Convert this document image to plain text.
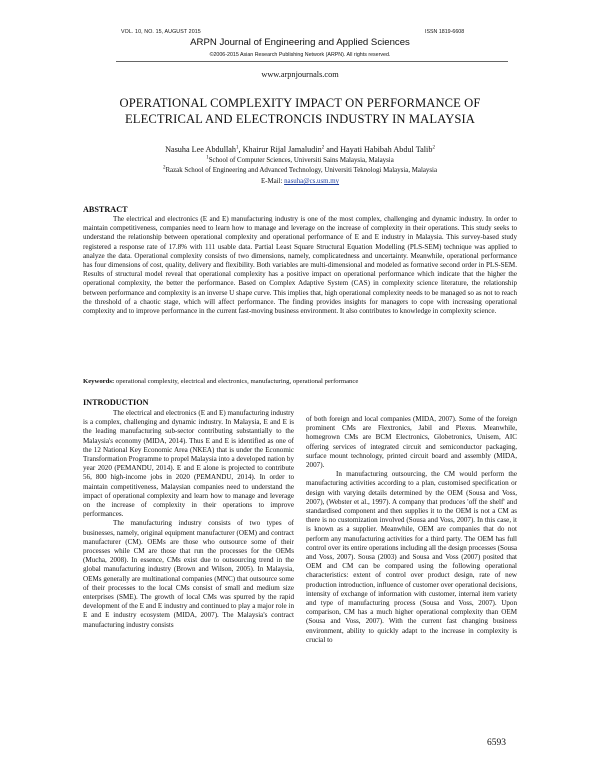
VOL. 10, NO. 15, AUGUST 2015	ISSN 1819-6608
ARPN Journal of Engineering and Applied Sciences
©2006-2015 Asian Research Publishing Network (ARPN). All rights reserved.
www.arpnjournals.com
OPERATIONAL COMPLEXITY IMPACT ON PERFORMANCE OF ELECTRICAL AND ELECTRONCIS INDUSTRY IN MALAYSIA
Nasuha Lee Abdullah$^1$, Khairur Rijal Jamaludin$^2$ and Hayati Habibah Abdul Talib$^2$
$^1$School of Computer Sciences, Universiti Sains Malaysia, Malaysia
$^2$Razak School of Engineering and Advanced Technology, Universiti Teknologi Malaysia, Malaysia
E-Mail: nasuha@cs.usm.my
ABSTRACT
The electrical and electronics (E and E) manufacturing industry is one of the most complex, challenging and dynamic industry. In order to maintain competitiveness, companies need to learn how to manage and leverage on the increase of complexity in their operations. This study seeks to understand the relationship between operational complexity and operational performance of E and E industry in Malaysia. This survey-based study registered a response rate of 17.8% with 111 usable data. Partial Least Square Structural Equation Modelling (PLS-SEM) technique was applied to analyze the data. Operational complexity consists of two dimensions, namely, complicatedness and uncertainty. Meanwhile, operational performance has four dimensions of cost, quality, delivery and flexibility. Both variables are multi-dimensional and modeled as formative second order in PLS-SEM. Results of structural model reveal that operational complexity has a positive impact on operational performance which indicate that the higher the operational complexity, the better the performance. Based on Complex Adaptive System (CAS) in complexity science literature, the relationship between performance and complexity is an inverse U shape curve. This implies that, high operational complexity needs to be managed so as not to reach the threshold of a chaotic stage, which will affect performance. The finding provides insights for managers to cope with increasing operational complexity and to improve performance in the current fast-moving business environment. It also contributes to knowledge in complexity science.
Keywords: operational complexity, electrical and electronics, manufacturing, operational performance
INTRODUCTION

The electrical and electronics (E and E) manufacturing industry is a complex, challenging and dynamic industry. In Malaysia, E and E is the leading manufacturing sub-sector contributing substantially to the Malaysia's economy (MIDA, 2014). Thus E and E is identified as one of the 12 National Key Economic Area (NKEA) that is under the Economic Transformation Programme to propel Malaysia into a developed nation by year 2020 (PEMANDU, 2014). E and E alone is projected to contribute 56, 800 high-income jobs in 2020 (PEMANDU, 2014). In order to maintain competitiveness, Malaysian companies need to understand the impact of operational complexity and learn how to manage and leverage on the increase of complexity in their operations to improve performances.

The manufacturing industry consists of two types of businesses, namely, original equipment manufacturer (OEM) and contract manufacturer (CM). OEMs are those who outsource some of their processes while CM are those that run the processes for the OEMs (Mucha, 2008). In essence, CMs exist due to outsourcing trend in the global manufacturing industry (Brown and Wilson, 2005). In Malaysia, OEMs generally are multinational companies (MNC) that outsource some of their processes to the local CMs consist of small and medium size enterprises (SME). The growth of local CMs was spurred by the rapid development of the E and E industry and continued to play a major role in E and E industry ecosystem (MIDA, 2007). The Malaysia's contract manufacturing industry consists

of both foreign and local companies (MIDA, 2007). Some of the foreign prominent CMs are Flextronics, Jabil and Plexus. Meanwhile, homegrown CMs are BCM Electronics, Globetronics, Unisem, AIC offering services of integrated circuit and semiconductor packaging, surface mount technology, printed circuit board and assembly (MIDA, 2007).

In manufacturing outsourcing, the CM would perform the manufacturing activities according to a plan, customised specification or design with varying details determined by the OEM (Sousa and Voss, 2007), (Webster et al., 1997). A company that produces 'off the shelf' and standardised component and then supplies it to the OEM is not a CM as there is no customization involved (Sousa and Voss, 2007). In this case, it is known as a supplier. Meanwhile, OEM are companies that do not perform any manufacturing activities for a third party. The OEM has full control over its entire operations including all the design processes (Sousa and Voss, 2007). Sousa (2003) and Sousa and Voss (2007) posited that OEM and CM can be compared using the following operational characteristics: extent of control over product design, rate of new production introduction, influence of customer over operational decisions, intensity of exchange of information with customer, internal item variety and type of manufacturing process (Sousa and Voss, 2007). Upon comparison, CM has a much higher operational complexity than OEM (Sousa and Voss, 2007). With the current fast changing business environment, ability to quickly adapt to the increase in complexity is crucial to

6593
